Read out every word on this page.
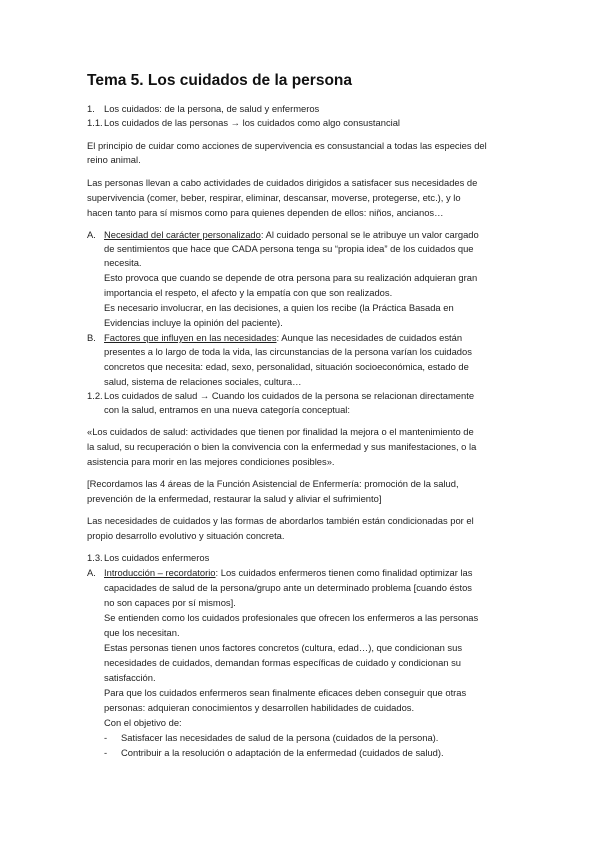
Tema 5. Los cuidados de la persona
1. Los cuidados: de la persona, de salud y enfermeros
1.1. Los cuidados de las personas → los cuidados como algo consustancial
El principio de cuidar como acciones de supervivencia es consustancial a todas las especies del
reino animal.
Las personas llevan a cabo actividades de cuidados dirigidos a satisfacer sus necesidades de
supervivencia (comer, beber, respirar, eliminar, descansar, moverse, protegerse, etc.), y lo
hacen tanto para sí mismos como para quienes dependen de ellos: niños, ancianos…
A. Necesidad del carácter personalizado: Al cuidado personal se le atribuye un valor cargado
de sentimientos que hace que CADA persona tenga su “propia idea” de los cuidados que
necesita.
Esto provoca que cuando se depende de otra persona para su realización adquieran gran
importancia el respeto, el afecto y la empatía con que son realizados.
Es necesario involucrar, en las decisiones, a quien los recibe (la Práctica Basada en
Evidencias incluye la opinión del paciente).
B. Factores que influyen en las necesidades: Aunque las necesidades de cuidados están
presentes a lo largo de toda la vida, las circunstancias de la persona varían los cuidados
concretos que necesita: edad, sexo, personalidad, situación socioeconómica, estado de
salud, sistema de relaciones sociales, cultura…
1.2. Los cuidados de salud → Cuando los cuidados de la persona se relacionan directamente
con la salud, entramos en una nueva categoría conceptual:
«Los cuidados de salud: actividades que tienen por finalidad la mejora o el mantenimiento de
la salud, su recuperación o bien la convivencia con la enfermedad y sus manifestaciones, o la
asistencia para morir en las mejores condiciones posibles».
[Recordamos las 4 áreas de la Función Asistencial de Enfermería: promoción de la salud,
prevención de la enfermedad, restaurar la salud y aliviar el sufrimiento]
Las necesidades de cuidados y las formas de abordarlos también están condicionadas por el
propio desarrollo evolutivo y situación concreta.
1.3. Los cuidados enfermeros
A. Introducción – recordatorio: Los cuidados enfermeros tienen como finalidad optimizar las
capacidades de salud de la persona/grupo ante un determinado problema [cuando éstos
no son capaces por sí mismos].
Se entienden como los cuidados profesionales que ofrecen los enfermeros a las personas
que los necesitan.
Estas personas tienen unos factores concretos (cultura, edad…), que condicionan sus
necesidades de cuidados, demandan formas específicas de cuidado y condicionan su
satisfacción.
Para que los cuidados enfermeros sean finalmente eficaces deben conseguir que otras
personas: adquieran conocimientos y desarrollen habilidades de cuidados.
Con el objetivo de:
- Satisfacer las necesidades de salud de la persona (cuidados de la persona).
- Contribuir a la resolución o adaptación de la enfermedad (cuidados de salud).
